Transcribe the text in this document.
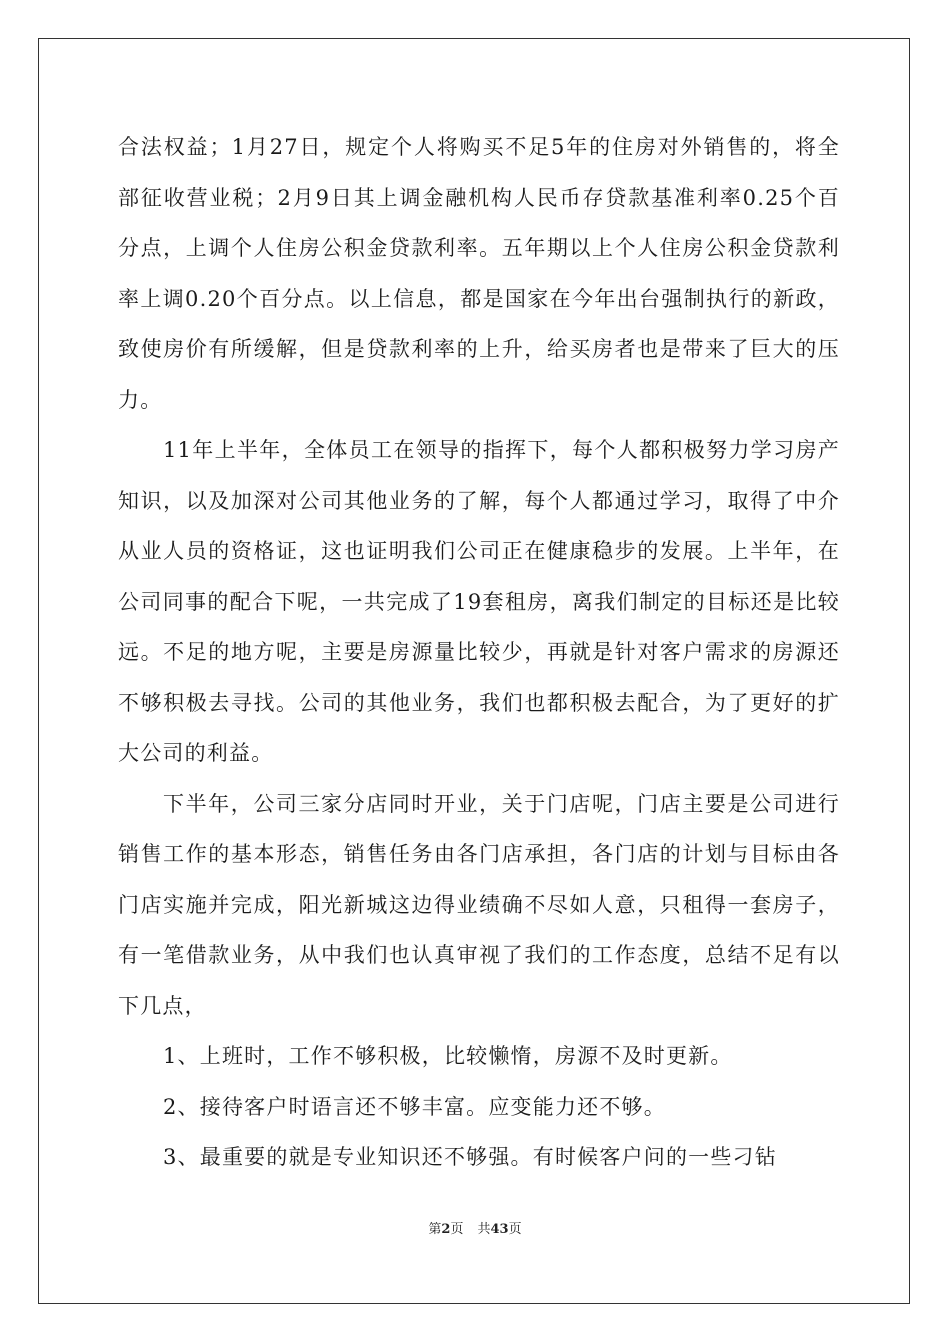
合法权益；1月27日，规定个人将购买不足5年的住房对外销售的，将全部征收营业税；2月9日其上调金融机构人民币存贷款基准利率0.25个百分点，上调个人住房公积金贷款利率。五年期以上个人住房公积金贷款利率上调0.20个百分点。以上信息，都是国家在今年出台强制执行的新政，致使房价有所缓解，但是贷款利率的上升，给买房者也是带来了巨大的压力。

11年上半年，全体员工在领导的指挥下，每个人都积极努力学习房产知识，以及加深对公司其他业务的了解，每个人都通过学习，取得了中介从业人员的资格证，这也证明我们公司正在健康稳步的发展。上半年，在公司同事的配合下呢，一共完成了19套租房，离我们制定的目标还是比较远。不足的地方呢，主要是房源量比较少，再就是针对客户需求的房源还不够积极去寻找。公司的其他业务，我们也都积极去配合，为了更好的扩大公司的利益。

下半年，公司三家分店同时开业，关于门店呢，门店主要是公司进行销售工作的基本形态，销售任务由各门店承担，各门店的计划与目标由各门店实施并完成，阳光新城这边得业绩确不尽如人意，只租得一套房子，有一笔借款业务，从中我们也认真审视了我们的工作态度，总结不足有以下几点，

1、上班时，工作不够积极，比较懒惰，房源不及时更新。

2、接待客户时语言还不够丰富。应变能力还不够。

3、最重要的就是专业知识还不够强。有时候客户问的一些刁钻

第2页 共43页
